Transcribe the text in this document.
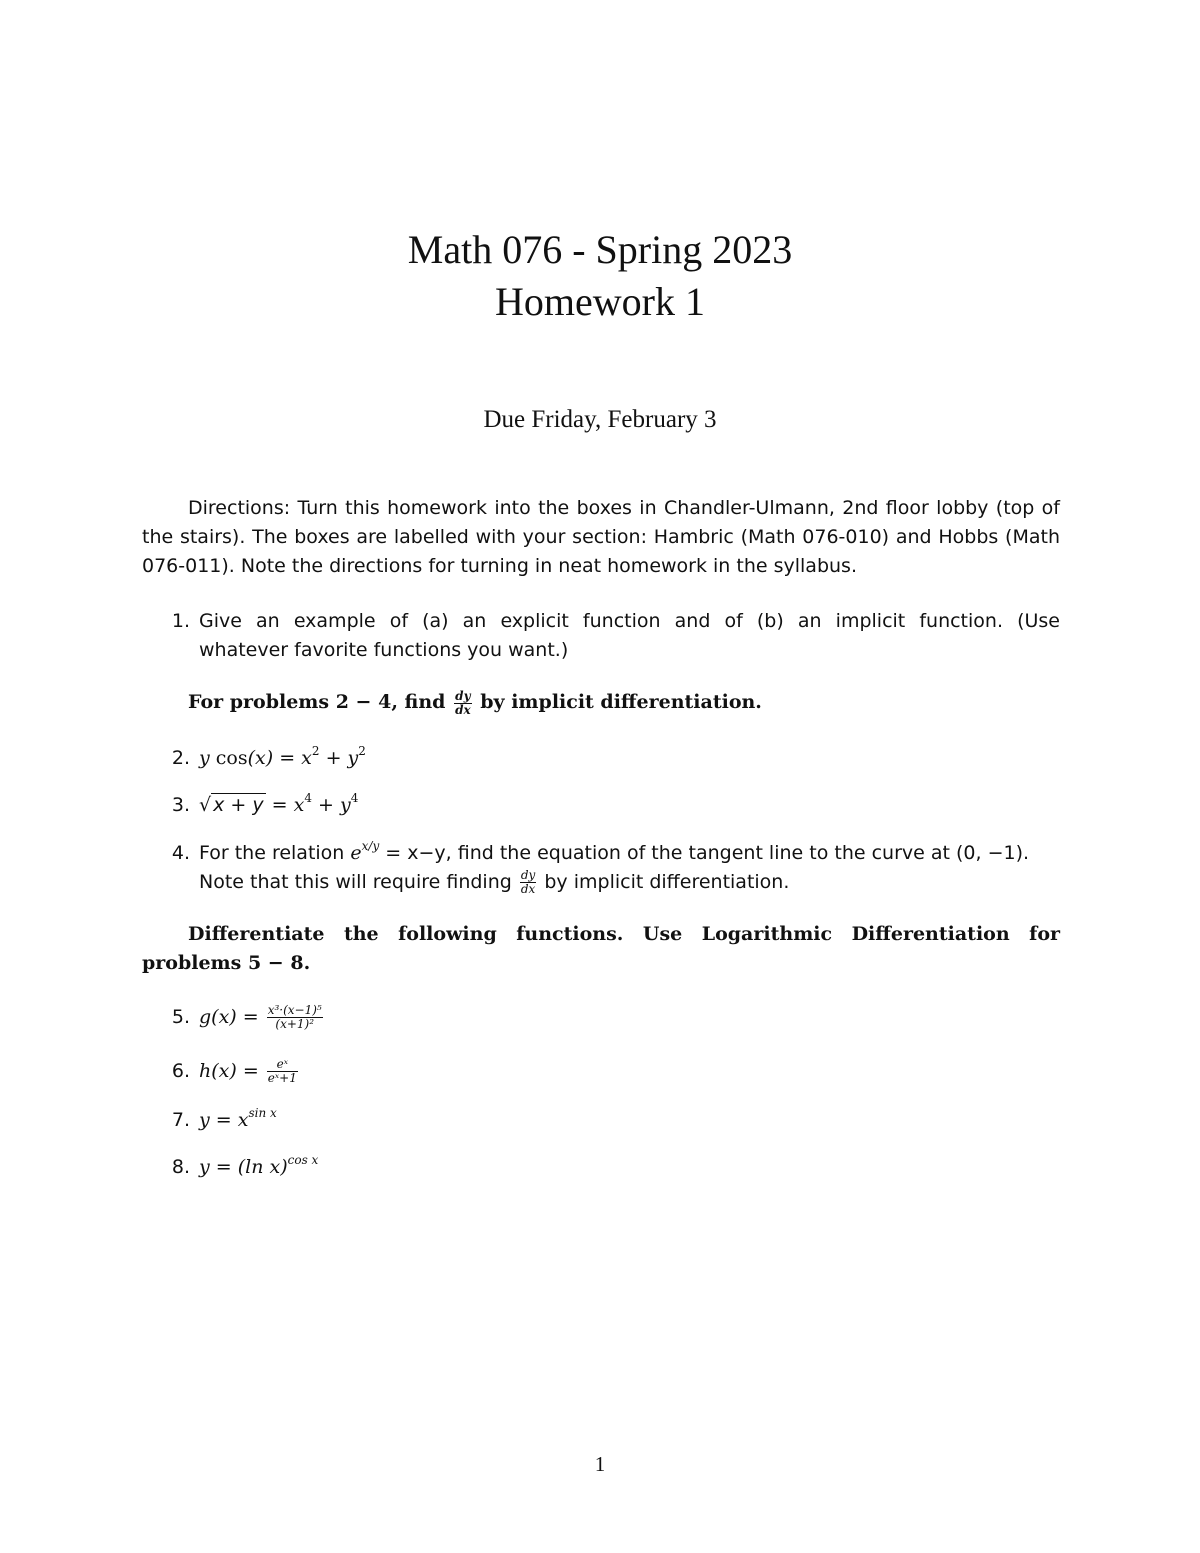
Math 076 - Spring 2023
Homework 1
Due Friday, February 3
Directions: Turn this homework into the boxes in Chandler-Ulmann, 2nd floor lobby (top of the stairs). The boxes are labelled with your section: Hambric (Math 076-010) and Hobbs (Math 076-011). Note the directions for turning in neat homework in the syllabus.
1. Give an example of (a) an explicit function and of (b) an implicit function. (Use
whatever favorite functions you want.)
For problems 2 − 4, find $\frac{dy}{dx}$ by implicit differentiation.
2. y $\cos(x) = x^2 + y^2$
3. √ $x + y = x^4 + y^4$
4. For the relation $e^{x/y} = x-y$, find the equation of the tangent line to the curve at (0, −1).
Note that this will require finding $\frac{dy}{dx}$ by implicit differentiation.
Differentiate the following functions. Use Logarithmic Differentiation for problems 5 − 8.
5. $g(x) = \frac{\text{x³·(x−1)⁵}}{\text{(x+1)²}}$
6. $h(x) = \frac{\text{eˣ}}{\text{eˣ+1}}$
7. $y = x^{sin x}$
8. y = (ln x)$^{cos x}$
1
